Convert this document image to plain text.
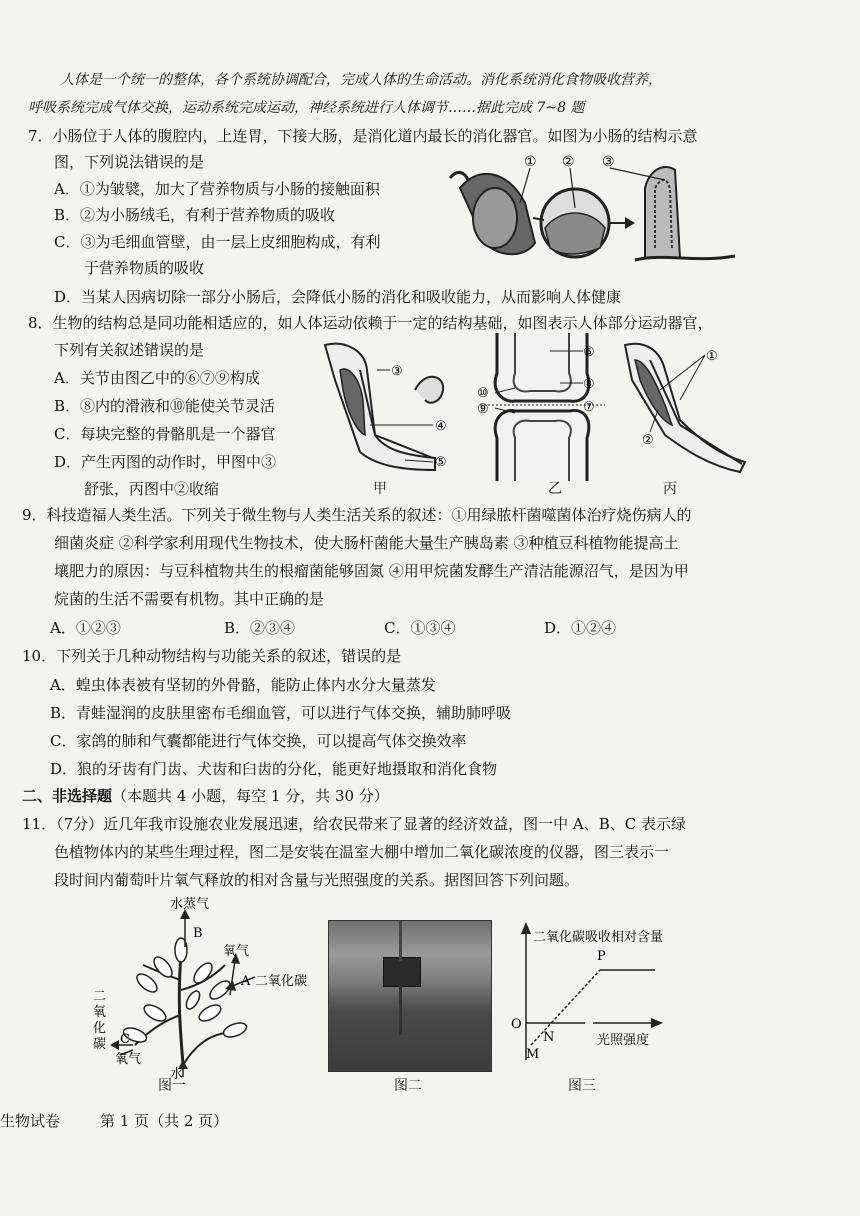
人体是一个统一的整体，各个系统协调配合，完成人体的生命活动。消化系统消化食物吸收营养，
呼吸系统完成气体交换，运动系统完成运动，神经系统进行人体调节……据此完成 7~8 题
7．小肠位于人体的腹腔内，上连胃，下接大肠，是消化道内最长的消化器官。如图为小肠的结构示意
图，下列说法错误的是
A．①为皱襞，加大了营养物质与小肠的接触面积
B．②为小肠绒毛，有利于营养物质的吸收
C．③为毛细血管壁，由一层上皮细胞构成，有利
于营养物质的吸收
D．当某人因病切除一部分小肠后，会降低小肠的消化和吸收能力，从而影响人体健康
① ② ③
8．生物的结构总是同功能相适应的，如人体运动依赖于一定的结构基础，如图表示人体部分运动器官，
下列有关叙述错误的是
A．关节由图乙中的⑥⑦⑨构成
B．⑧内的滑液和⑩能使关节灵活
C．每块完整的骨骼肌是一个器官
D．产生丙图的动作时，甲图中③
舒张，丙图中②收缩
③
④
⑤
甲
⑥
⑩
⑨
⑧
⑦
乙
①
②
丙
9．科技造福人类生活。下列关于微生物与人类生活关系的叙述：①用绿脓杆菌噬菌体治疗烧伤病人的
细菌炎症 ②科学家利用现代生物技术，使大肠杆菌能大量生产胰岛素 ③种植豆科植物能提高土
壤肥力的原因：与豆科植物共生的根瘤菌能够固氮 ④用甲烷菌发酵生产清洁能源沼气，是因为甲
烷菌的生活不需要有机物。其中正确的是
A．①②③	B．②③④	C．①③④	D．①②④
10．下列关于几种动物结构与功能关系的叙述，错误的是
A．蝗虫体表被有坚韧的外骨骼，能防止体内水分大量蒸发
B．青蛙湿润的皮肤里密布毛细血管，可以进行气体交换，辅助肺呼吸
C．家鸽的肺和气囊都能进行气体交换，可以提高气体交换效率
D．狼的牙齿有门齿、犬齿和臼齿的分化，能更好地摄取和消化食物
二、非选择题（本题共 4 小题，每空 1 分，共 30 分）
11．（7分）近几年我市设施农业发展迅速，给农民带来了显著的经济效益，图一中 A、B、C 表示绿
色植物体内的某些生理过程，图二是安装在温室大棚中增加二氧化碳浓度的仪器，图三表示一
段时间内葡萄叶片氧气释放的相对含量与光照强度的关系。据图回答下列问题。
水蒸气
B
氧气
A 二氧化碳
C
氧气
水
二
氧
化
碳
图一	图二
二氧化碳吸收相对含量
光照强度
O
N
M
P
图三
生物试卷	第 1 页（共 2 页）
